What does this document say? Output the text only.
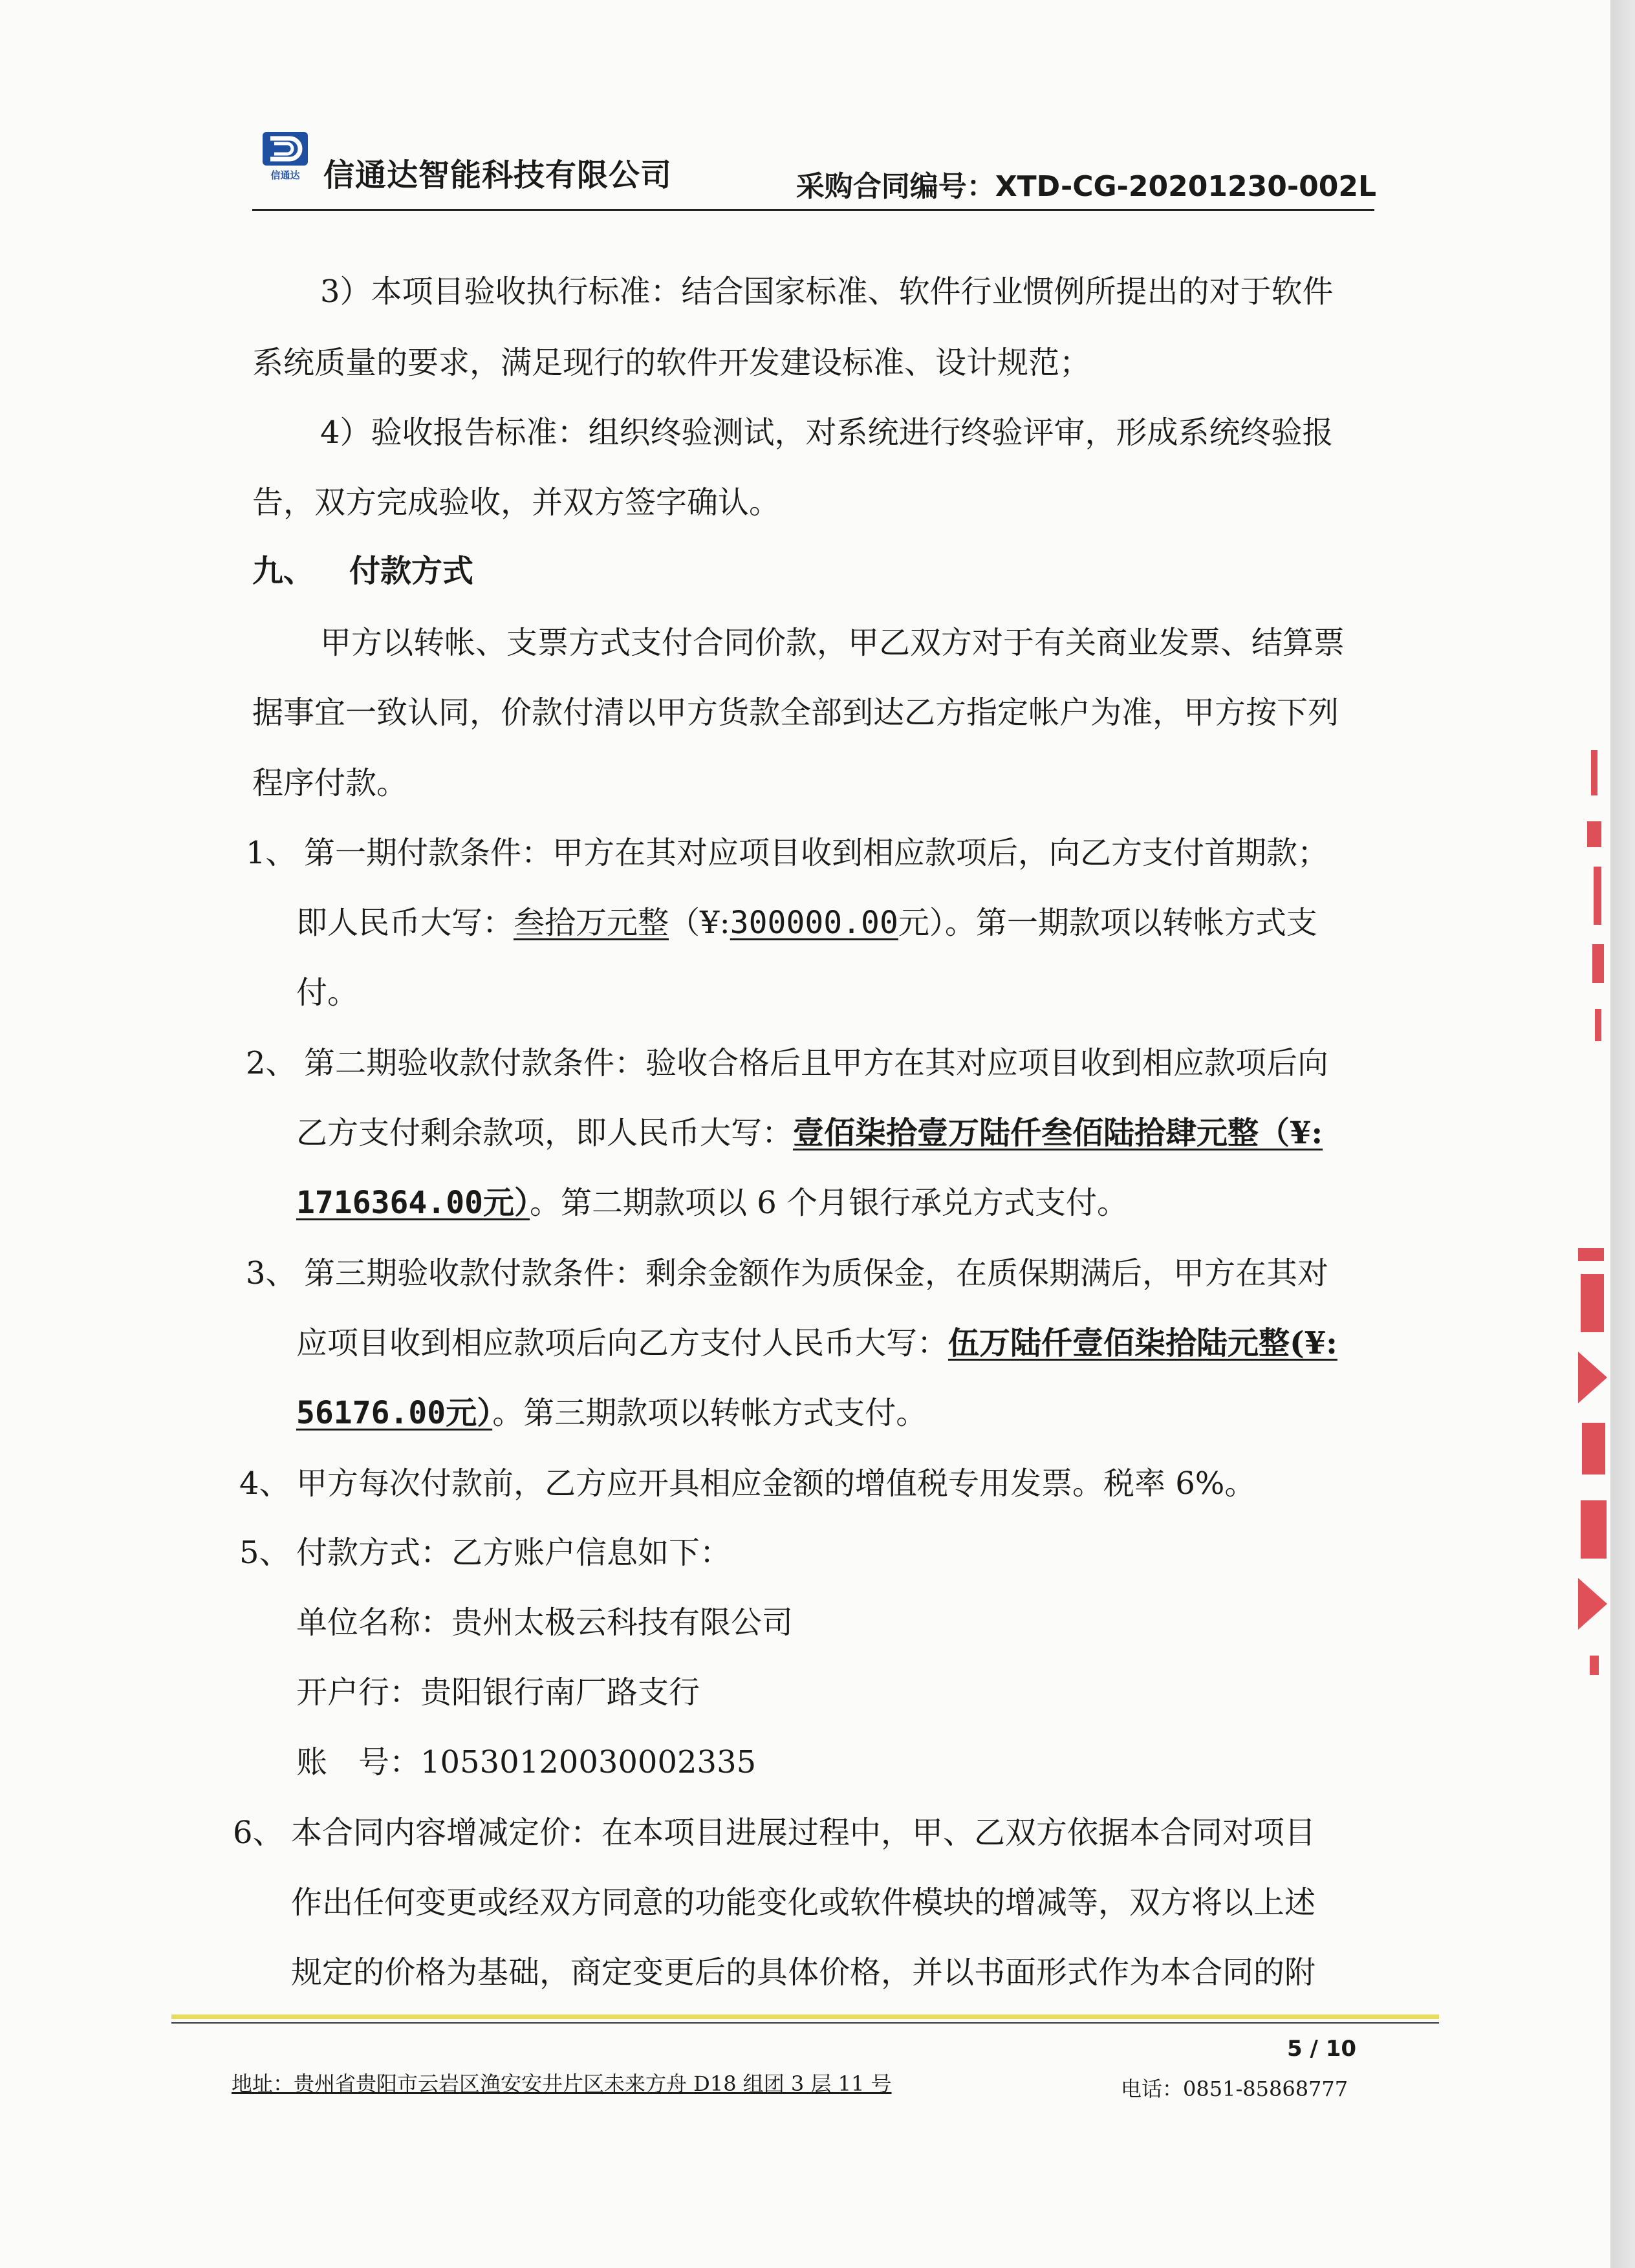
信通达 信通达智能科技有限公司	采购合同编号：XTD-CG-20201230-002L
3）本项目验收执行标准：结合国家标准、软件行业惯例所提出的对于软件
系统质量的要求，满足现行的软件开发建设标准、设计规范；
4）验收报告标准：组织终验测试，对系统进行终验评审，形成系统终验报
告，双方完成验收，并双方签字确认。
九、 付款方式
甲方以转帐、支票方式支付合同价款，甲乙双方对于有关商业发票、结算票
据事宜一致认同，价款付清以甲方货款全部到达乙方指定帐户为准，甲方按下列
程序付款。
1、 第一期付款条件：甲方在其对应项目收到相应款项后，向乙方支付首期款；
即人民币大写：叁拾万元整（¥:300000.00元）。第一期款项以转帐方式支
付。
2、 第二期验收款付款条件：验收合格后且甲方在其对应项目收到相应款项后向
乙方支付剩余款项，即人民币大写：壹佰柒拾壹万陆仟叁佰陆拾肆元整（¥:
1716364.00元）。第二期款项以 6 个月银行承兑方式支付。
3、 第三期验收款付款条件：剩余金额作为质保金，在质保期满后，甲方在其对
应项目收到相应款项后向乙方支付人民币大写：伍万陆仟壹佰柒拾陆元整(¥:
56176.00元）。第三期款项以转帐方式支付。
4、 甲方每次付款前，乙方应开具相应金额的增值税专用发票。税率 6%。
5、 付款方式：乙方账户信息如下：
单位名称：贵州太极云科技有限公司
开户行：贵阳银行南厂路支行
账　号：10530120030002335
6、 本合同内容增减定价：在本项目进展过程中，甲、乙双方依据本合同对项目
作出任何变更或经双方同意的功能变化或软件模块的增减等，双方将以上述
规定的价格为基础，商定变更后的具体价格，并以书面形式作为本合同的附
5 / 10
地址：贵州省贵阳市云岩区渔安安井片区未来方舟 D18 组团 3 层 11 号	电话：0851-85868777
